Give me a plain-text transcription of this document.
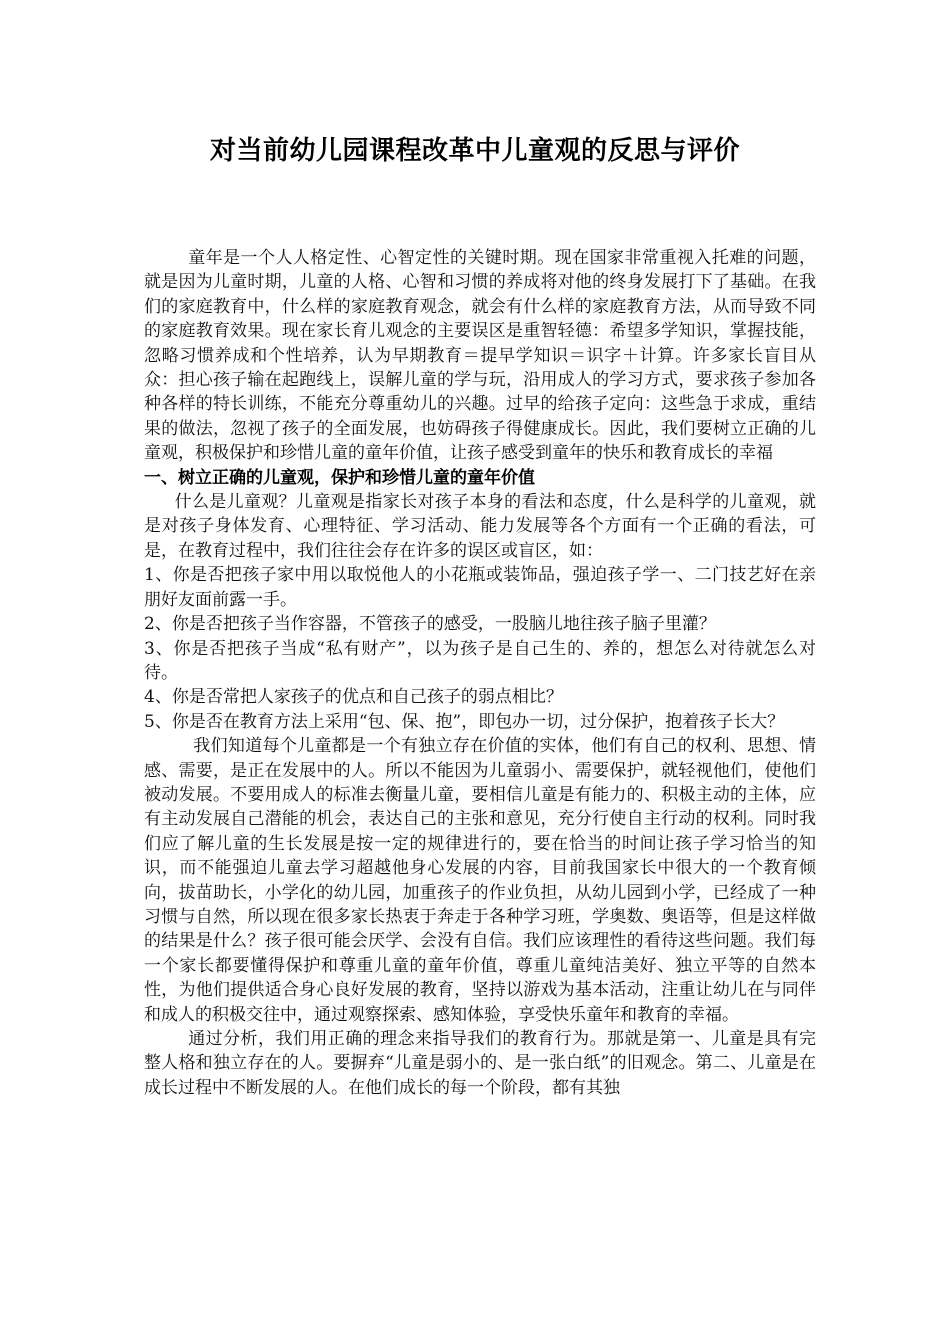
对当前幼儿园课程改革中儿童观的反思与评价

童年是一个人人格定性、心智定性的关键时期。现在国家非常重视入托难的问题，就是因为儿童时期，儿童的人格、心智和习惯的养成将对他的终身发展打下了基础。在我们的家庭教育中，什么样的家庭教育观念，就会有什么样的家庭教育方法，从而导致不同的家庭教育效果。现在家长育儿观念的主要误区是重智轻德：希望多学知识，掌握技能，忽略习惯养成和个性培养，认为早期教育＝提早学知识＝识字＋计算。许多家长盲目从众：担心孩子输在起跑线上，误解儿童的学与玩，沿用成人的学习方式，要求孩子参加各种各样的特长训练，不能充分尊重幼儿的兴趣。过早的给孩子定向：这些急于求成，重结果的做法，忽视了孩子的全面发展，也妨碍孩子得健康成长。因此，我们要树立正确的儿童观，积极保护和珍惜儿童的童年价值，让孩子感受到童年的快乐和教育成长的幸福

一、树立正确的儿童观，保护和珍惜儿童的童年价值

什么是儿童观？儿童观是指家长对孩子本身的看法和态度，什么是科学的儿童观，就是对孩子身体发育、心理特征、学习活动、能力发展等各个方面有一个正确的看法，可是，在教育过程中，我们往往会存在许多的误区或盲区，如：

1、你是否把孩子家中用以取悦他人的小花瓶或装饰品，强迫孩子学一、二门技艺好在亲朋好友面前露一手。

2、你是否把孩子当作容器，不管孩子的感受，一股脑儿地往孩子脑子里灌？

3、你是否把孩子当成“私有财产”，以为孩子是自己生的、养的，想怎么对待就怎么对待。

4、你是否常把人家孩子的优点和自己孩子的弱点相比？

5、你是否在教育方法上采用“包、保、抱”，即包办一切，过分保护，抱着孩子长大？

我们知道每个儿童都是一个有独立存在价值的实体，他们有自己的权利、思想、情感、需要，是正在发展中的人。所以不能因为儿童弱小、需要保护，就轻视他们，使他们被动发展。不要用成人的标准去衡量儿童，要相信儿童是有能力的、积极主动的主体，应有主动发展自己潜能的机会，表达自己的主张和意见，充分行使自主行动的权利。同时我们应了解儿童的生长发展是按一定的规律进行的，要在恰当的时间让孩子学习恰当的知识，而不能强迫儿童去学习超越他身心发展的内容，目前我国家长中很大的一个教育倾向，拔苗助长，小学化的幼儿园，加重孩子的作业负担，从幼儿园到小学，已经成了一种习惯与自然，所以现在很多家长热衷于奔走于各种学习班，学奥数、奥语等，但是这样做的结果是什么？孩子很可能会厌学、会没有自信。我们应该理性的看待这些问题。我们每一个家长都要懂得保护和尊重儿童的童年价值，尊重儿童纯洁美好、独立平等的自然本性，为他们提供适合身心良好发展的教育，坚持以游戏为基本活动，注重让幼儿在与同伴和成人的积极交往中，通过观察探索、感知体验，享受快乐童年和教育的幸福。

通过分析，我们用正确的理念来指导我们的教育行为。那就是第一、儿童是具有完整人格和独立存在的人。要摒弃“儿童是弱小的、是一张白纸”的旧观念。第二、儿童是在成长过程中不断发展的人。在他们成长的每一个阶段，都有其独
